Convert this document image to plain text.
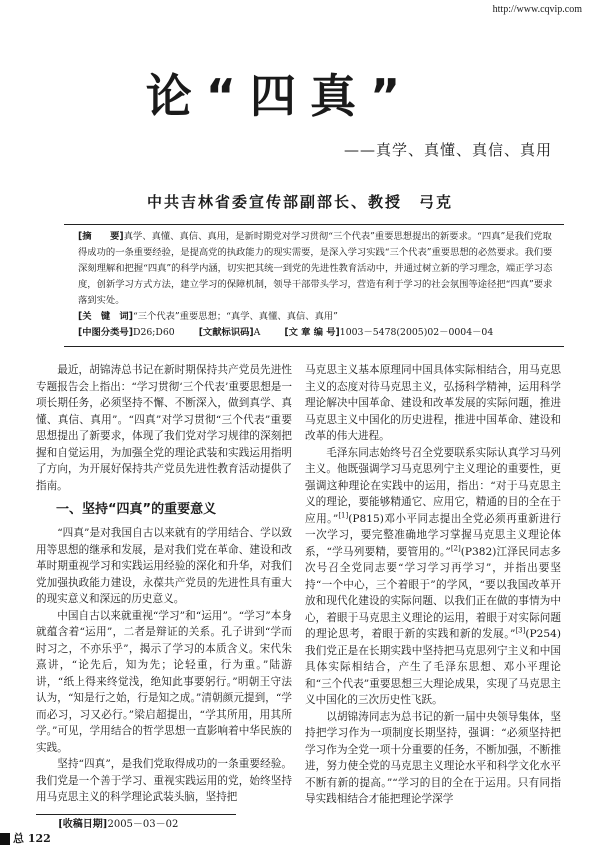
http://www.cqvip.com
论“四真”
——真学、真懂、真信、真用
中共吉林省委宣传部副部长、教授　弓克
[摘　　要]真学、真懂、真信、真用，是新时期党对学习贯彻“三个代表”重要思想提出的新要求。“四真”是我们党取得成功的一条重要经验，是提高党的执政能力的现实需要，是深入学习实践“三个代表”重要思想的必然要求。我们要深刻理解和把握“四真”的科学内涵，切实把其统一到党的先进性教育活动中，并通过树立新的学习理念，端正学习态度，创新学习方式方法，建立学习的保障机制，领导干部带头学习，营造有利于学习的社会氛围等途径把“四真”要求落到实处。
[关　键　词]“三个代表”重要思想；“真学、真懂、真信、真用”
[中图分类号]D26;D60	[文献标识码]A	[文 章 编 号]1003－5478(2005)02－0004－04

最近，胡锦涛总书记在新时期保持共产党员先进性专题报告会上指出：“学习贯彻‘三个代表’重要思想是一项长期任务，必须坚持不懈、不断深入，做到真学、真懂、真信、真用”。“四真”对学习贯彻“三个代表”重要思想提出了新要求，体现了我们党对学习规律的深刻把握和自觉运用，为加强全党的理论武装和实践运用指明了方向，为开展好保持共产党员先进性教育活动提供了指南。

一、坚持“四真”的重要意义

“四真”是对我国自古以来就有的学用结合、学以致用等思想的继承和发展，是对我们党在革命、建设和改革时期重视学习和实践运用经验的深化和升华，对我们党加强执政能力建设，永葆共产党员的先进性具有重大的现实意义和深远的历史意义。

中国自古以来就重视“学习”和“运用”。“学习”本身就蕴含着“运用”，二者是辩证的关系。孔子讲到“学而时习之，不亦乐乎”，揭示了学习的本质含义。宋代朱熹讲，“论先后，知为先；论轻重，行为重。”陆游讲，“纸上得来终觉浅，绝知此事要躬行。”明朝王守法认为，“知是行之始，行是知之成。”清朝颜元提到，“学而必习，习又必行。”梁启超提出，“学其所用，用其所学。”可见，学用结合的哲学思想一直影响着中华民族的实践。

坚持“四真”，是我们党取得成功的一条重要经验。我们党是一个善于学习、重视实践运用的党，始终坚持用马克思主义的科学理论武装头脑，坚持把

[收稿日期]2005－03－02

马克思主义基本原理同中国具体实际相结合，用马克思主义的态度对待马克思主义，弘扬科学精神，运用科学理论解决中国革命、建设和改革发展的实际问题，推进马克思主义中国化的历史进程，推进中国革命、建设和改革的伟大进程。

毛泽东同志始终号召全党要联系实际认真学习马列主义。他既强调学习马克思列宁主义理论的重要性，更强调这种理论在实践中的运用，指出：“对于马克思主义的理论，要能够精通它、应用它，精通的目的全在于应用。”[1](P815)邓小平同志提出全党必须再重新进行一次学习，要完整准确地学习掌握马克思主义理论体系，“学马列要精，要管用的。”[2](P382)江泽民同志多次号召全党同志要“学习学习再学习”，并指出要坚持“一个中心，三个着眼于”的学风，“要以我国改革开放和现代化建设的实际问题、以我们正在做的事情为中心，着眼于马克思主义理论的运用，着眼于对实际问题的理论思考，着眼于新的实践和新的发展。”[3](P254)我们党正是在长期实践中坚持把马克思列宁主义和中国具体实际相结合，产生了毛泽东思想、邓小平理论和“三个代表”重要思想三大理论成果，实现了马克思主义中国化的三次历史性飞跃。

以胡锦涛同志为总书记的新一届中央领导集体，坚持把学习作为一项制度长期坚持，强调：“必须坚持把学习作为全党一项十分重要的任务，不断加强，不断推进，努力使全党的马克思主义理论水平和科学文化水平不断有新的提高。”“学习的目的全在于运用。只有同指导实践相结合才能把理论学深学

总 122
